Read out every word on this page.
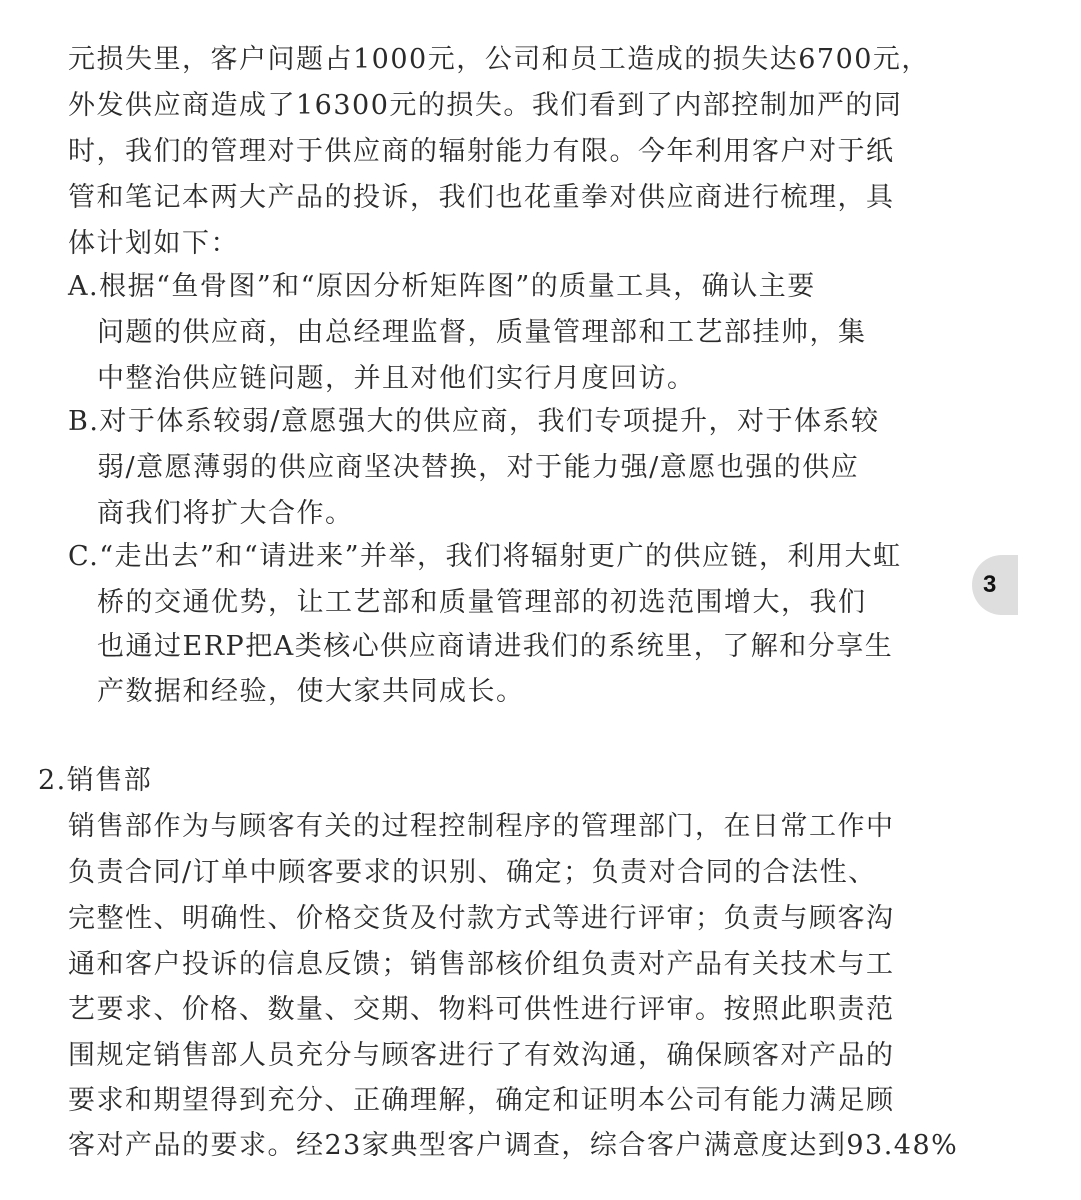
元损失里，客户问题占1000元，公司和员工造成的损失达6700元，
外发供应商造成了16300元的损失。我们看到了内部控制加严的同
时，我们的管理对于供应商的辐射能力有限。今年利用客户对于纸
管和笔记本两大产品的投诉，我们也花重拳对供应商进行梳理，具
体计划如下：
A.根据“鱼骨图”和“原因分析矩阵图”的质量工具，确认主要
问题的供应商，由总经理监督，质量管理部和工艺部挂帅，集
中整治供应链问题，并且对他们实行月度回访。
B.对于体系较弱/意愿强大的供应商，我们专项提升，对于体系较
弱/意愿薄弱的供应商坚决替换，对于能力强/意愿也强的供应
商我们将扩大合作。
C.“走出去”和“请进来”并举，我们将辐射更广的供应链，利用大虹
桥的交通优势，让工艺部和质量管理部的初选范围增大，我们
也通过ERP把A类核心供应商请进我们的系统里，了解和分享生
产数据和经验，使大家共同成长。
2.销售部
销售部作为与顾客有关的过程控制程序的管理部门，在日常工作中
负责合同/订单中顾客要求的识别、确定；负责对合同的合法性、
完整性、明确性、价格交货及付款方式等进行评审；负责与顾客沟
通和客户投诉的信息反馈；销售部核价组负责对产品有关技术与工
艺要求、价格、数量、交期、物料可供性进行评审。按照此职责范
围规定销售部人员充分与顾客进行了有效沟通，确保顾客对产品的
要求和期望得到充分、正确理解，确定和证明本公司有能力满足顾
客对产品的要求。经23家典型客户调查，综合客户满意度达到93.48%
3
